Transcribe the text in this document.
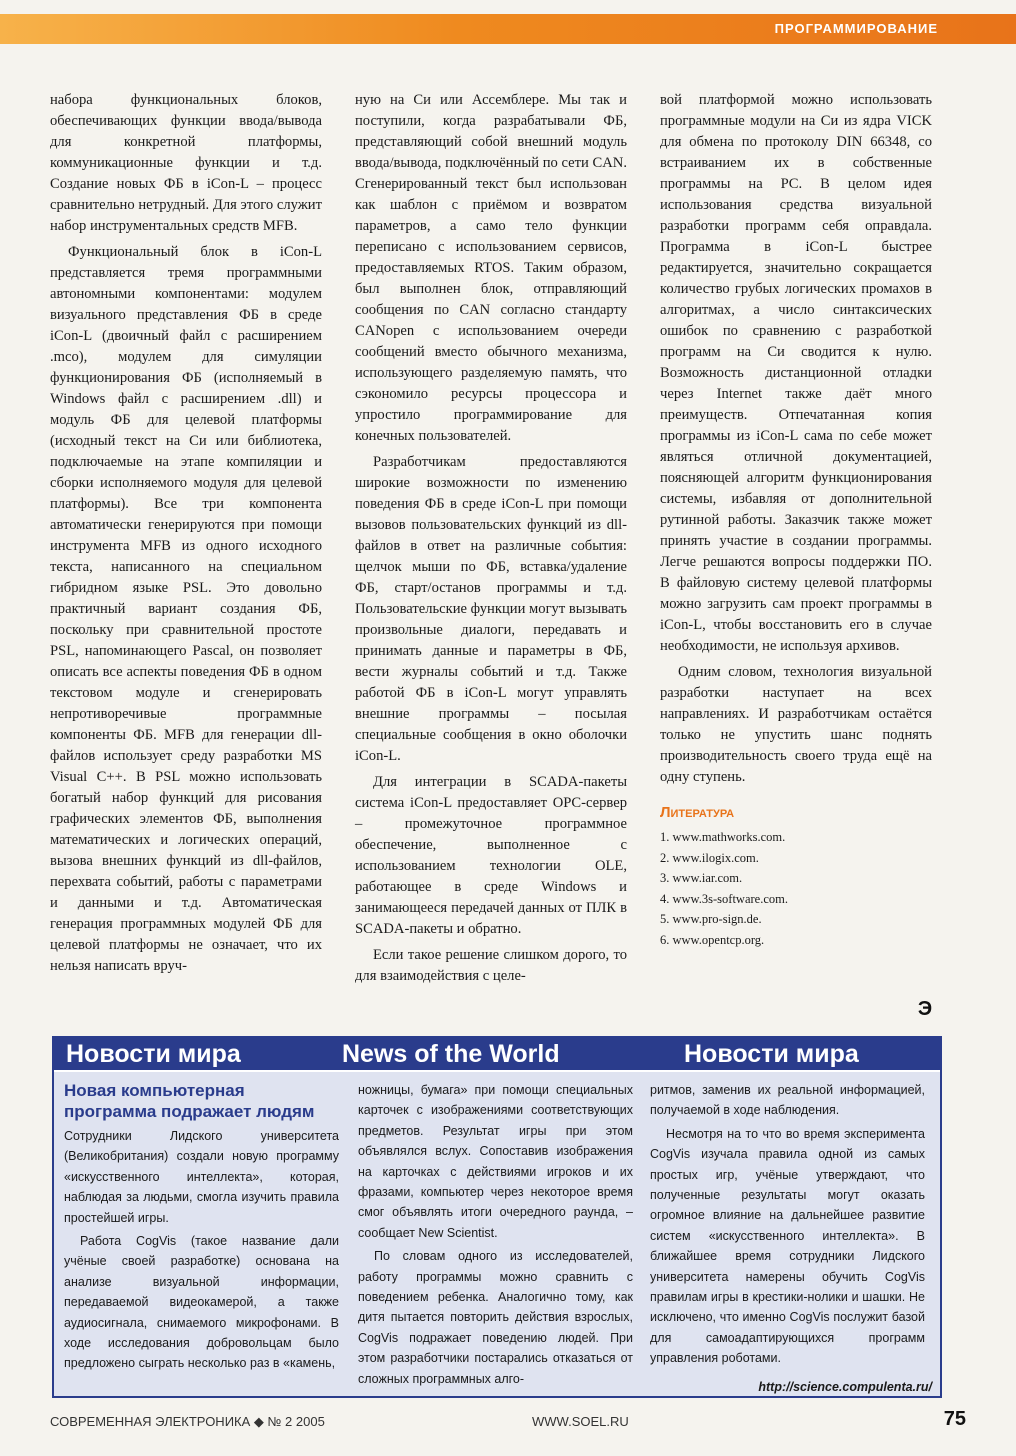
ПРОГРАММИРОВАНИЕ

набора функциональных блоков, обеспечивающих функции ввода/вывода для конкретной платформы, коммуникационные функции и т.д. Создание новых ФБ в iCon-L – процесс сравнительно нетрудный. Для этого служит набор инструментальных средств MFB.

Функциональный блок в iCon-L представляется тремя программными автономными компонентами: модулем визуального представления ФБ в среде iCon-L (двоичный файл с расширением .mco), модулем для симуляции функционирования ФБ (исполняемый в Windows файл с расширением .dll) и модуль ФБ для целевой платформы (исходный текст на Си или библиотека, подключаемые на этапе компиляции и сборки исполняемого модуля для целевой платформы). Все три компонента автоматически генерируются при помощи инструмента MFB из одного исходного текста, написанного на специальном гибридном языке PSL. Это довольно практичный вариант создания ФБ, поскольку при сравнительной простоте PSL, напоминающего Pascal, он позволяет описать все аспекты поведения ФБ в одном текстовом модуле и сгенерировать непротиворечивые программные компоненты ФБ. MFB для генерации dll-файлов использует среду разработки MS Visual C++. В PSL можно использовать богатый набор функций для рисования графических элементов ФБ, выполнения математических и логических операций, вызова внешних функций из dll-файлов, перехвата событий, работы с параметрами и данными и т.д. Автоматическая генерация программных модулей ФБ для целевой платформы не означает, что их нельзя написать вруч-

ную на Си или Ассемблере. Мы так и поступили, когда разрабатывали ФБ, представляющий собой внешний модуль ввода/вывода, подключённый по сети CAN. Сгенерированный текст был использован как шаблон с приёмом и возвратом параметров, а само тело функции переписано с использованием сервисов, предоставляемых RTOS. Таким образом, был выполнен блок, отправляющий сообщения по CAN согласно стандарту CANopen с использованием очереди сообщений вместо обычного механизма, использующего разделяемую память, что сэкономило ресурсы процессора и упростило программирование для конечных пользователей.

Разработчикам предоставляются широкие возможности по изменению поведения ФБ в среде iCon-L при помощи вызовов пользовательских функций из dll-файлов в ответ на различные события: щелчок мыши по ФБ, вставка/удаление ФБ, старт/останов программы и т.д. Пользовательские функции могут вызывать произвольные диалоги, передавать и принимать данные и параметры в ФБ, вести журналы событий и т.д. Также работой ФБ в iCon-L могут управлять внешние программы – посылая специальные сообщения в окно оболочки iCon-L.

Для интеграции в SCADA-пакеты система iCon-L предоставляет OPC-сервер – промежуточное программное обеспечение, выполненное с использованием технологии OLE, работающее в среде Windows и занимающееся передачей данных от ПЛК в SCADA-пакеты и обратно.

Если такое решение слишком дорого, то для взаимодействия с целе-

вой платформой можно использовать программные модули на Си из ядра VICK для обмена по протоколу DIN 66348, со встраиванием их в собственные программы на PC. В целом идея использования средства визуальной разработки программ себя оправдала. Программа в iCon-L быстрее редактируется, значительно сокращается количество грубых логических промахов в алгоритмах, а число синтаксических ошибок по сравнению с разработкой программ на Си сводится к нулю. Возможность дистанционной отладки через Internet также даёт много преимуществ. Отпечатанная копия программы из iCon-L сама по себе может являться отличной документацией, поясняющей алгоритм функционирования системы, избавляя от дополнительной рутинной работы. Заказчик также может принять участие в создании программы. Легче решаются вопросы поддержки ПО. В файловую систему целевой платформы можно загрузить сам проект программы в iCon-L, чтобы восстановить его в случае необходимости, не используя архивов.

Одним словом, технология визуальной разработки наступает на всех направлениях. И разработчикам остаётся только не упустить шанс поднять производительность своего труда ещё на одну ступень.

Литература
1. www.mathworks.com.
2. www.ilogix.com.
3. www.iar.com.
4. www.3s-software.com.
5. www.pro-sign.de.
6. www.opentcp.org.
Э
Новости мира	News of the World	Новости мира
Новая компьютерная программа подражает людям

Сотрудники Лидского университета (Великобритания) создали новую программу «искусственного интеллекта», которая, наблюдая за людьми, смогла изучить правила простейшей игры.

Работа CogVis (такое название дали учёные своей разработке) основана на анализе визуальной информации, передаваемой видеокамерой, а также аудиосигнала, снимаемого микрофонами. В ходе исследования добровольцам было предложено сыграть несколько раз в «камень,

ножницы, бумага» при помощи специальных карточек с изображениями соответствующих предметов. Результат игры при этом объявлялся вслух. Сопоставив изображения на карточках с действиями игроков и их фразами, компьютер через некоторое время смог объявлять итоги очередного раунда, – сообщает New Scientist.

По словам одного из исследователей, работу программы можно сравнить с поведением ребенка. Аналогично тому, как дитя пытается повторить действия взрослых, CogVis подражает поведению людей. При этом разработчики постарались отказаться от сложных программных алго-

ритмов, заменив их реальной информацией, получаемой в ходе наблюдения.

Несмотря на то что во время эксперимента CogVis изучала правила одной из самых простых игр, учёные утверждают, что полученные результаты могут оказать огромное влияние на дальнейшее развитие систем «искусственного интеллекта». В ближайшее время сотрудники Лидского университета намерены обучить CogVis правилам игры в крестики-нолики и шашки. Не исключено, что именно CogVis послужит базой для самоадаптирующихся программ управления роботами.

http://science.compulenta.ru/
СОВРЕМЕННАЯ ЭЛЕКТРОНИКА ◆ № 2 2005	WWW.SOEL.RU	75
